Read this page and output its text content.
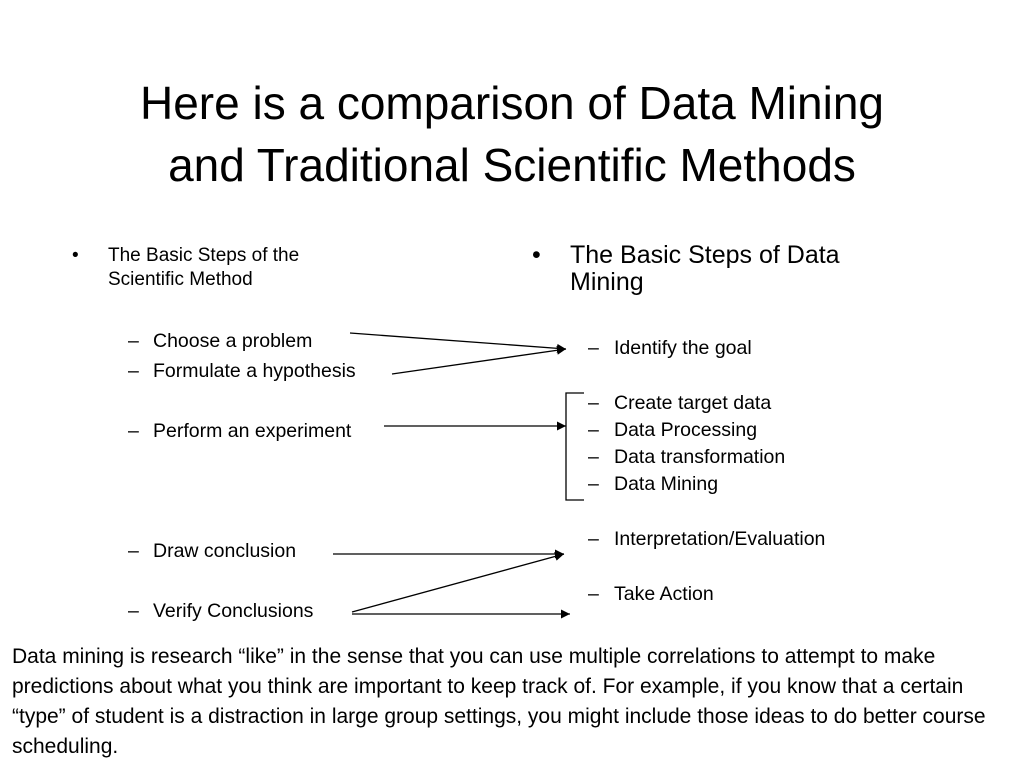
Here is a comparison of Data Mining
and Traditional Scientific Methods
• The Basic Steps of the
Scientific Method
– Choose a problem
– Formulate a hypothesis
– Perform an experiment
– Draw conclusion
– Verify Conclusions
• The Basic Steps of Data
Mining
– Identify the goal
– Create target data
– Data Processing
– Data transformation
– Data Mining
– Interpretation/Evaluation
– Take Action
Data mining is research “like” in the sense that you can use multiple correlations to attempt to make predictions about what you think are important to keep track of. For example, if you know that a certain “type” of student is a distraction in large group settings, you might include those ideas to do better course scheduling.
